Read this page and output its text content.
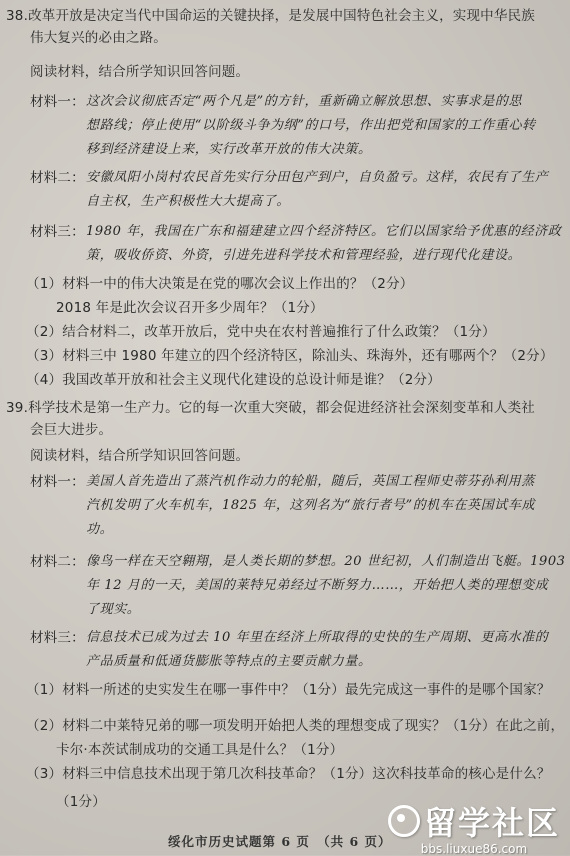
38.改革开放是决定当代中国命运的关键抉择，是发展中国特色社会主义，实现中华民族
伟大复兴的必由之路。
阅读材料，结合所学知识回答问题。
材料一： 这次会议彻底否定“两个凡是”的方针，重新确立解放思想、实事求是的思
想路线；停止使用“以阶级斗争为纲”的口号，作出把党和国家的工作重心转
移到经济建设上来，实行改革开放的伟大决策。
材料二： 安徽凤阳小岗村农民首先实行分田包产到户，自负盈亏。这样，农民有了生产
自主权，生产积极性大大提高了。
材料三： 1980 年，我国在广东和福建建立四个经济特区。它们以国家给予优惠的经济政
策，吸收侨资、外资，引进先进科学技术和管理经验，进行现代化建设。
（1）材料一中的伟大决策是在党的哪次会议上作出的？（2分）
2018 年是此次会议召开多少周年？（1分）
（2）结合材料二，改革开放后，党中央在农村普遍推行了什么政策？（1分）
（3）材料三中 1980 年建立的四个经济特区，除汕头、珠海外，还有哪两个？（2分）
（4）我国改革开放和社会主义现代化建设的总设计师是谁？（2分）
39.科学技术是第一生产力。它的每一次重大突破，都会促进经济社会深刻变革和人类社
会巨大进步。
阅读材料，结合所学知识回答问题。
材料一： 美国人首先造出了蒸汽机作动力的轮船，随后，英国工程师史蒂芬孙利用蒸
汽机发明了火车机车，1825 年，这列名为“旅行者号”的机车在英国试车成
功。
材料二： 像鸟一样在天空翱翔，是人类长期的梦想。20 世纪初，人们制造出飞艇。1903
年 12 月的一天，美国的莱特兄弟经过不断努力……，开始把人类的理想变成
了现实。
材料三： 信息技术已成为过去 10 年里在经济上所取得的史快的生产周期、更高水准的
产品质量和低通货膨胀等特点的主要贡献力量。
（1）材料一所述的史实发生在哪一事件中？（1分）最先完成这一事件的是哪个国家？
（2）材料二中莱特兄弟的哪一项发明开始把人类的理想变成了现实？（1分）在此之前，
卡尔·本茨试制成功的交通工具是什么？（1分）
（3）材料三中信息技术出现于第几次科技革命？（1分）这次科技革命的核心是什么？
（1分）
绥化市历史试题第 6 页　（共 6 页） 留学社区
bbs.liuxue86.com
